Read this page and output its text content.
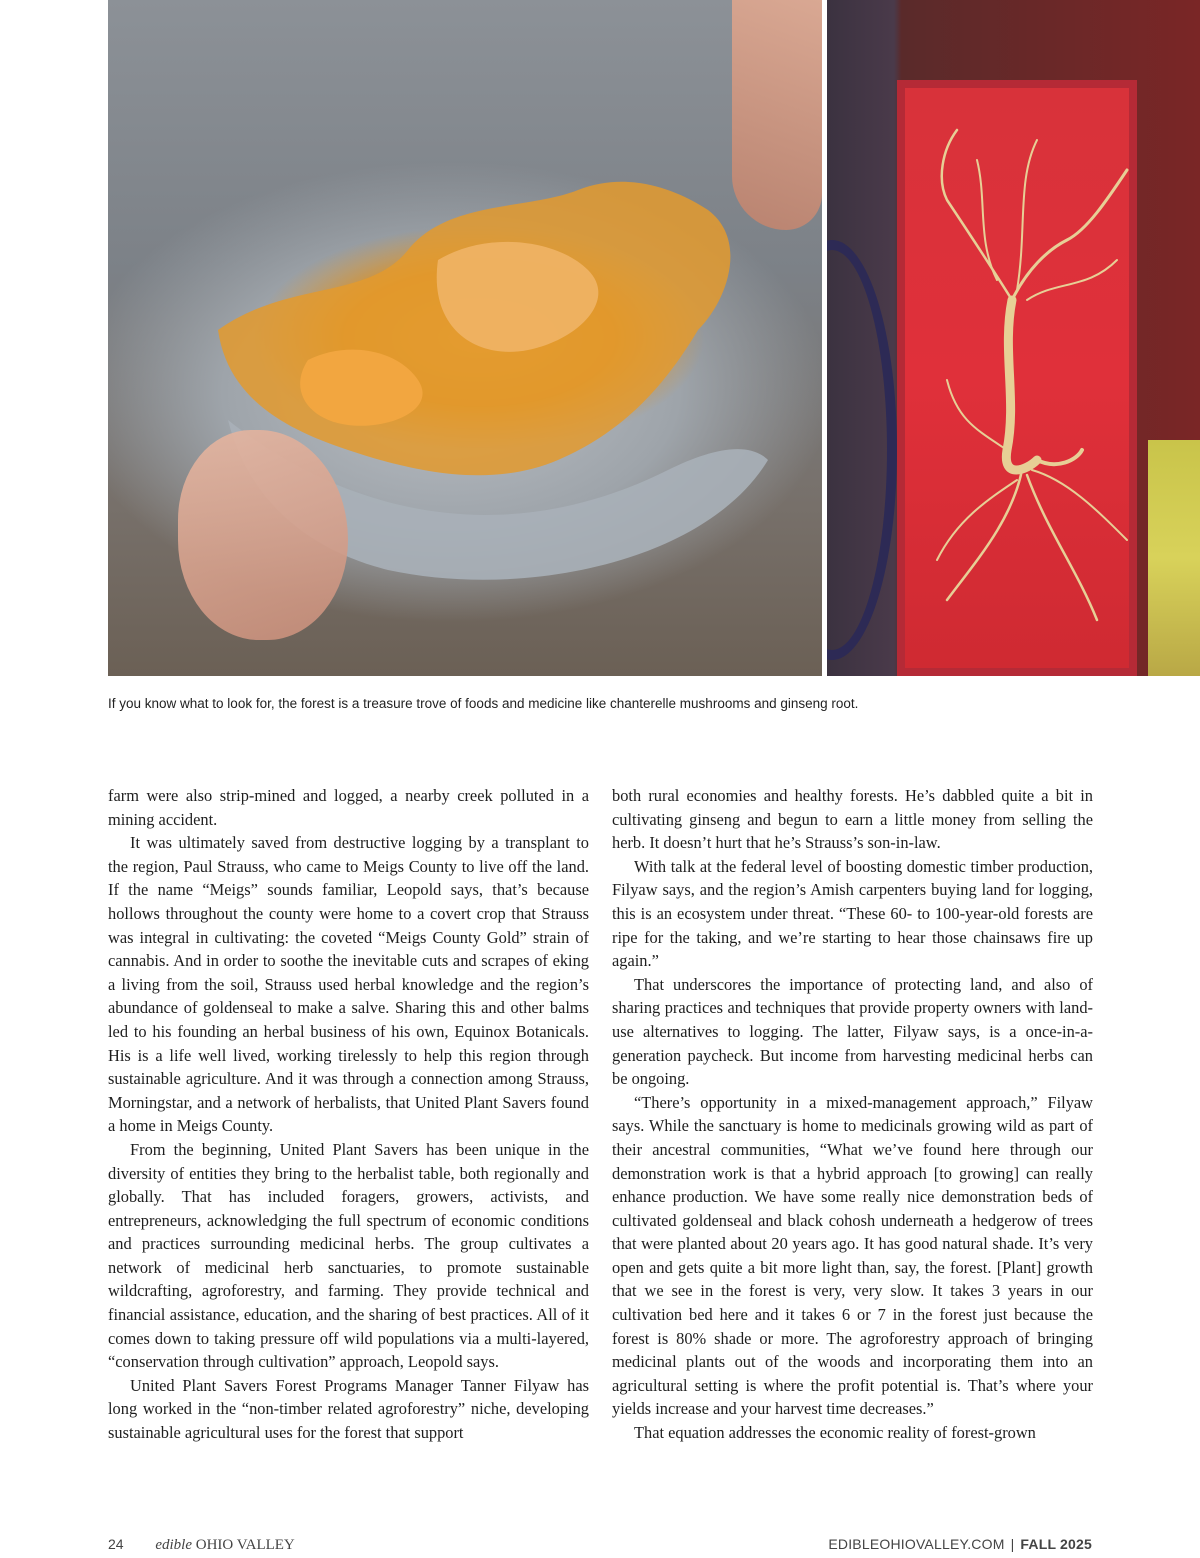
If you know what to look for, the forest is a treasure trove of foods and medicine like chanterelle mushrooms and ginseng root.

farm were also strip-mined and logged, a nearby creek polluted in a mining accident.

It was ultimately saved from destructive logging by a transplant to the region, Paul Strauss, who came to Meigs County to live off the land. If the name “Meigs” sounds familiar, Leopold says, that’s because hollows throughout the county were home to a covert crop that Strauss was integral in cultivating: the coveted “Meigs County Gold” strain of cannabis. And in order to soothe the inevitable cuts and scrapes of eking a living from the soil, Strauss used herbal knowledge and the region’s abundance of goldenseal to make a salve. Sharing this and other balms led to his founding an herbal business of his own, Equinox Botanicals. His is a life well lived, working tirelessly to help this region through sustainable agriculture. And it was through a connection among Strauss, Morningstar, and a network of herbalists, that United Plant Savers found a home in Meigs County.

From the beginning, United Plant Savers has been unique in the diversity of entities they bring to the herbalist table, both regionally and globally. That has included foragers, growers, activists, and entrepreneurs, acknowledging the full spectrum of economic conditions and practices surrounding medicinal herbs. The group cultivates a network of medicinal herb sanctuaries, to promote sustainable wildcrafting, agroforestry, and farming. They provide technical and financial assistance, education, and the sharing of best practices. All of it comes down to taking pressure off wild populations via a multi-layered, “conservation through cultivation” approach, Leopold says.

United Plant Savers Forest Programs Manager Tanner Filyaw has long worked in the “non-timber related agroforestry” niche, developing sustainable agricultural uses for the forest that support

both rural economies and healthy forests. He’s dabbled quite a bit in cultivating ginseng and begun to earn a little money from selling the herb. It doesn’t hurt that he’s Strauss’s son-in-law.

With talk at the federal level of boosting domestic timber production, Filyaw says, and the region’s Amish carpenters buying land for logging, this is an ecosystem under threat. “These 60- to 100-year-old forests are ripe for the taking, and we’re starting to hear those chainsaws fire up again.”

That underscores the importance of protecting land, and also of sharing practices and techniques that provide property owners with land-use alternatives to logging. The latter, Filyaw says, is a once-in-a-generation paycheck. But income from harvesting medicinal herbs can be ongoing.

“There’s opportunity in a mixed-management approach,” Filyaw says. While the sanctuary is home to medicinals growing wild as part of their ancestral communities, “What we’ve found here through our demonstration work is that a hybrid approach [to growing] can really enhance production. We have some really nice demonstration beds of cultivated goldenseal and black cohosh underneath a hedgerow of trees that were planted about 20 years ago. It has good natural shade. It’s very open and gets quite a bit more light than, say, the forest. [Plant] growth that we see in the forest is very, very slow. It takes 3 years in our cultivation bed here and it takes 6 or 7 in the forest just because the forest is 80% shade or more. The agroforestry approach of bringing medicinal plants out of the woods and incorporating them into an agricultural setting is where the profit potential is. That’s where your yields increase and your harvest time decreases.”

That equation addresses the economic reality of forest-grown

24 edible OHIO VALLEY	EDIBLEOHIOVALLEY.COM | FALL 2025
